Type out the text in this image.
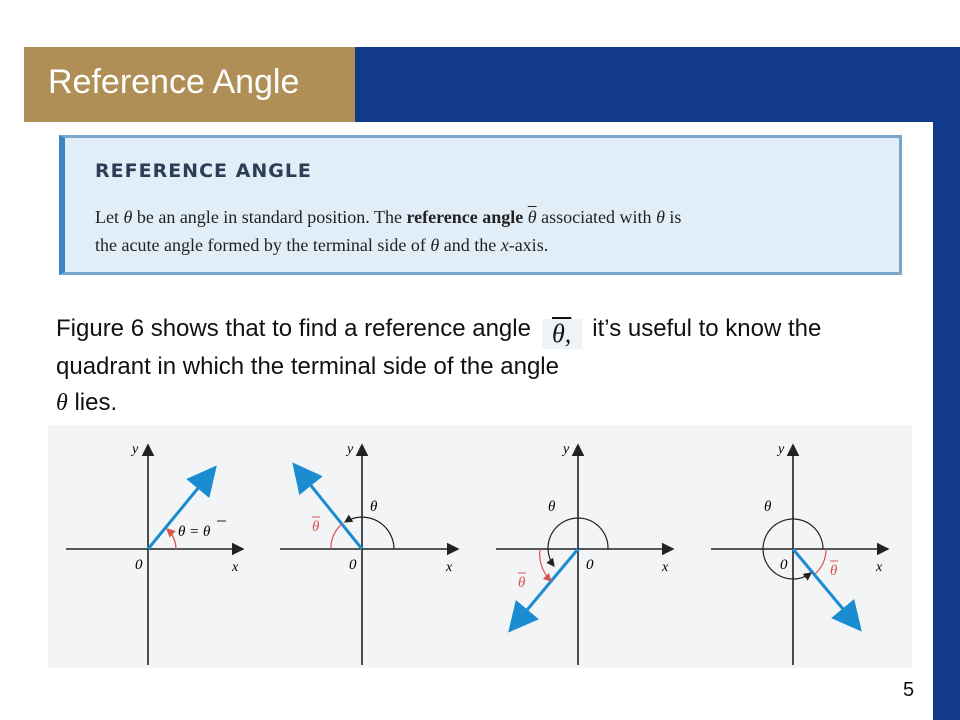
Reference Angle
REFERENCE ANGLE
Let θ be an angle in standard position. The reference angle $\overline{\theta}$ associated with θ is
the acute angle formed by the terminal side of θ and the x-axis.
Figure 6 shows that to find a reference angle θ, it’s useful to know the quadrant in which the terminal side of the angle
θ lies.
y
x
0
θ = θ
y
x
0
θ
θ
y
x
0
θ
θ
y
x
0
θ
θ
5
